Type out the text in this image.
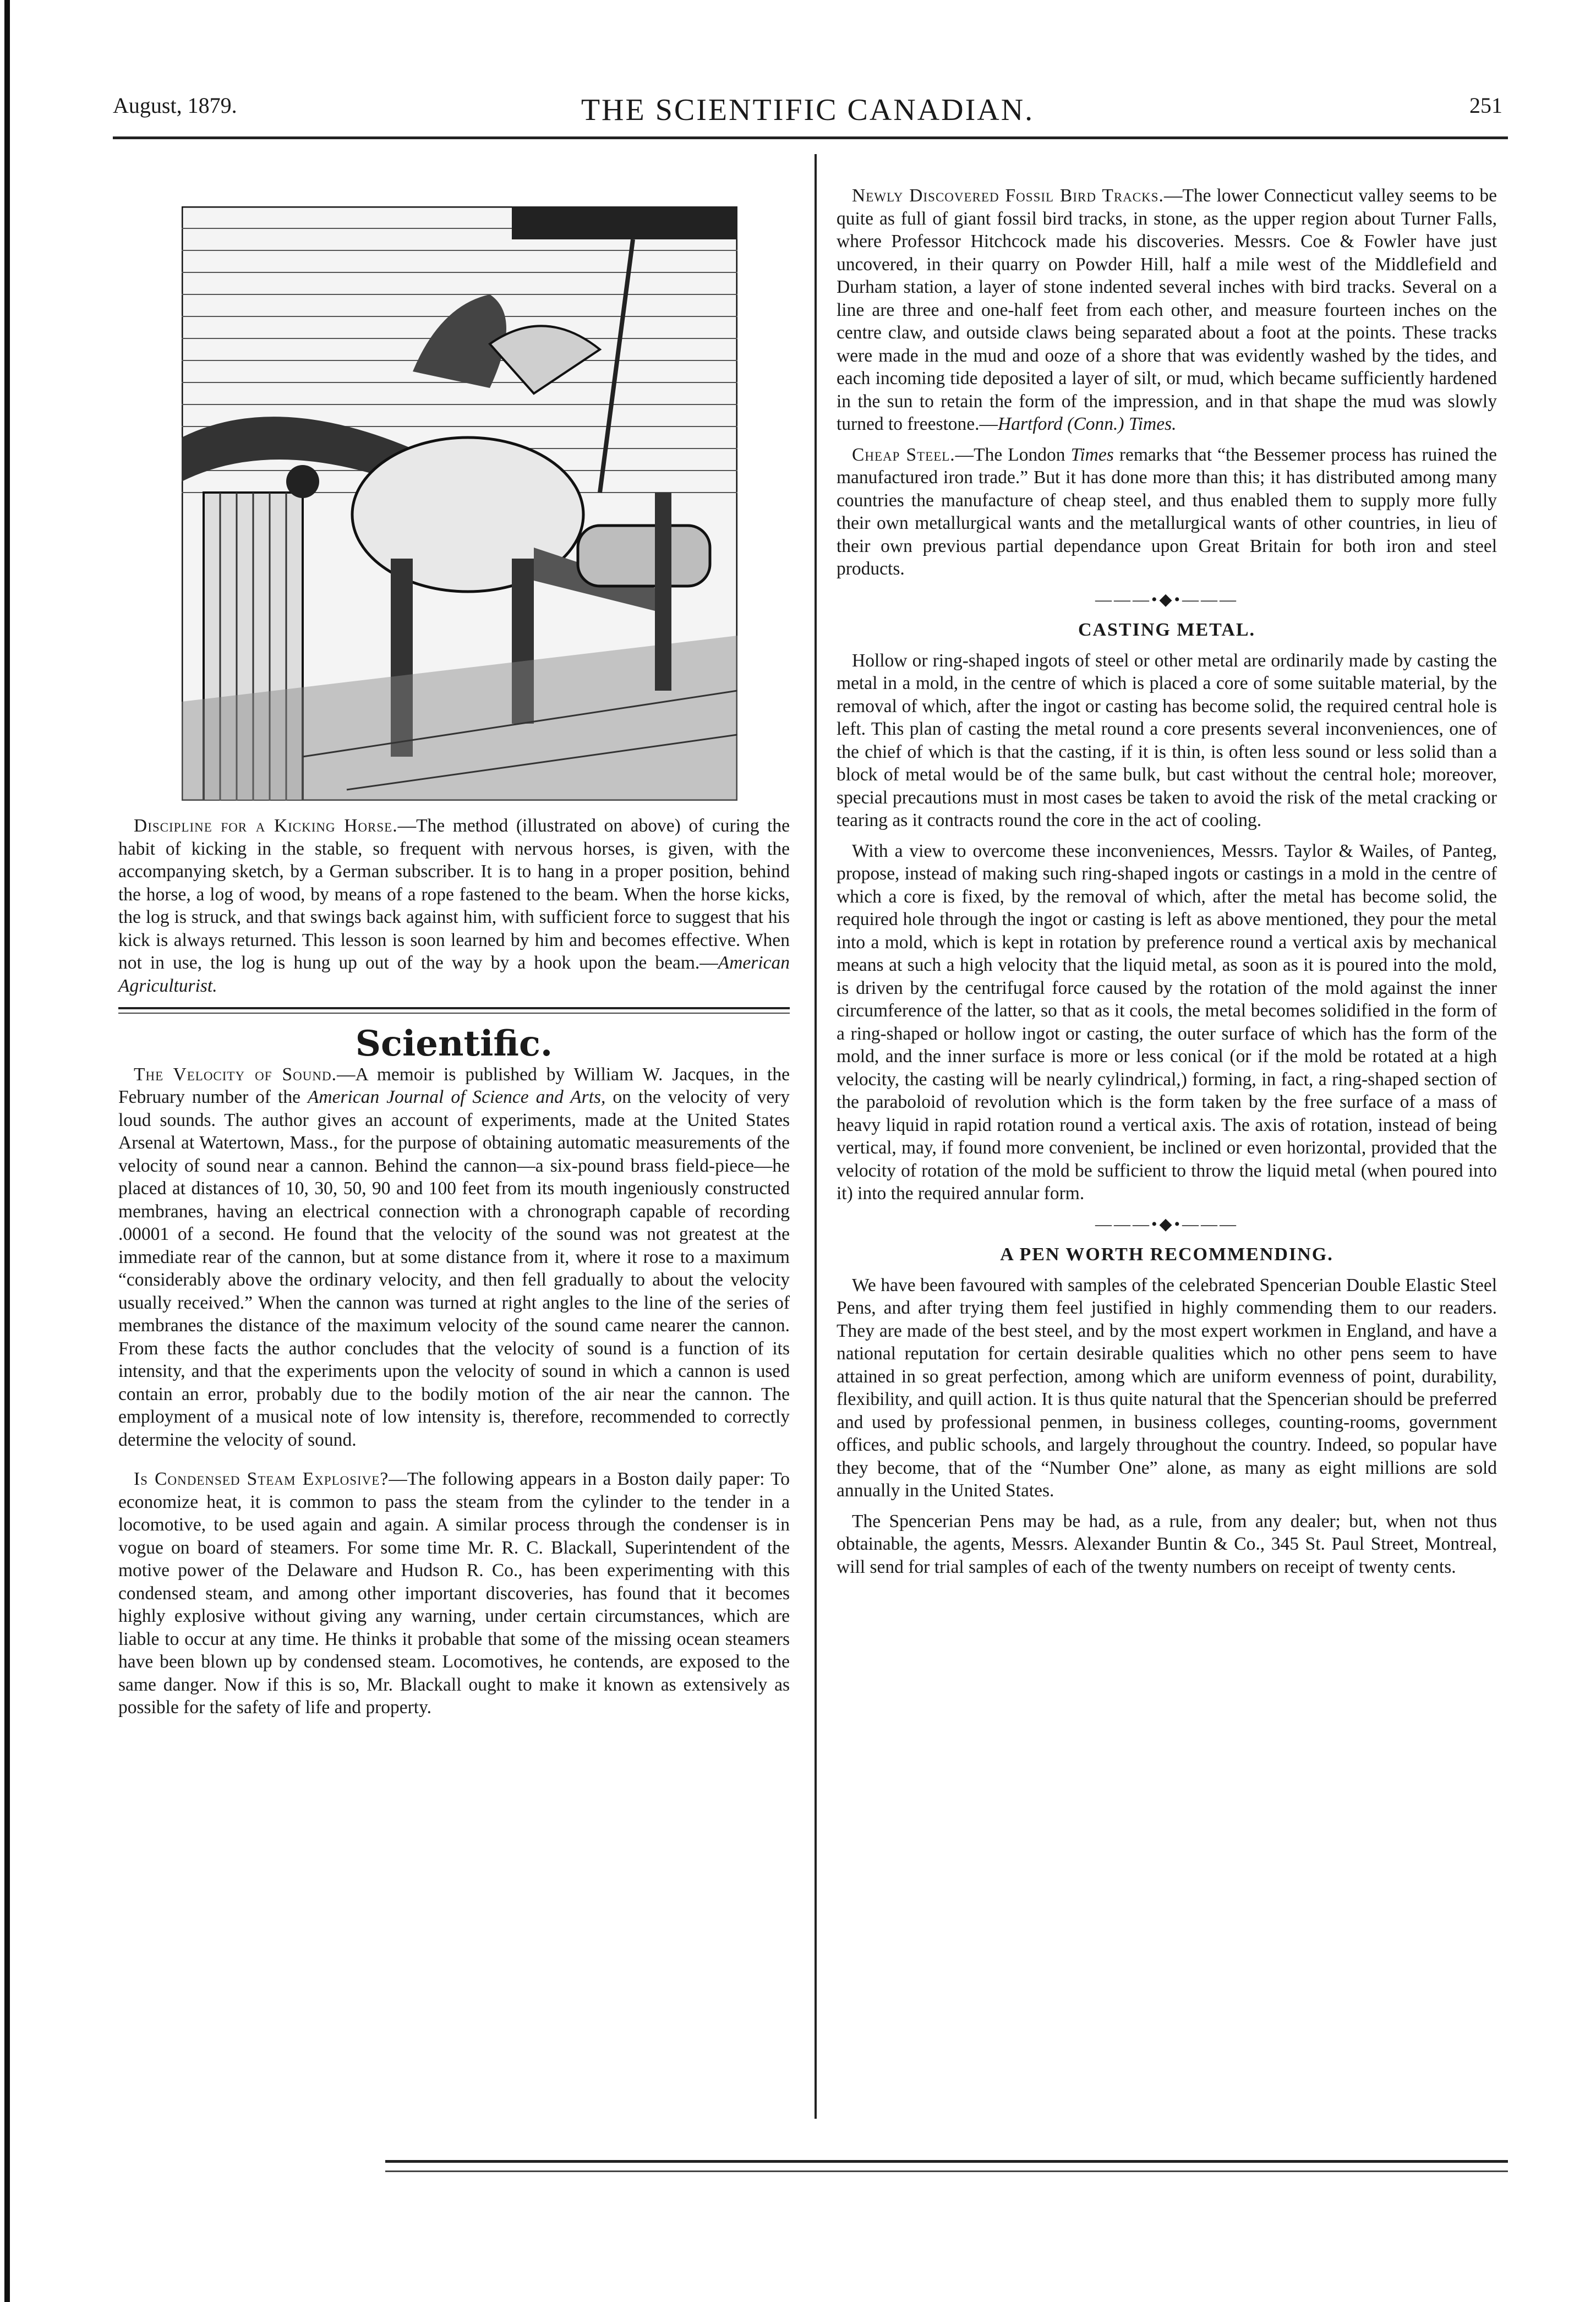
August, 1879.	THE SCIENTIFIC CANADIAN.	251

Discipline for a Kicking Horse.—The method (illustrated on above) of curing the habit of kicking in the stable, so frequent with nervous horses, is given, with the accompanying sketch, by a German subscriber. It is to hang in a proper position, behind the horse, a log of wood, by means of a rope fastened to the beam. When the horse kicks, the log is struck, and that swings back against him, with sufficient force to suggest that his kick is always returned. This lesson is soon learned by him and becomes effective. When not in use, the log is hung up out of the way by a hook upon the beam.—American Agriculturist.

Scientific.

The Velocity of Sound.—A memoir is published by William W. Jacques, in the February number of the American Journal of Science and Arts, on the velocity of very loud sounds. The author gives an account of experiments, made at the United States Arsenal at Watertown, Mass., for the purpose of obtaining automatic measurements of the velocity of sound near a cannon. Behind the cannon—a six-pound brass field-piece—he placed at distances of 10, 30, 50, 90 and 100 feet from its mouth ingeniously constructed membranes, having an electrical connection with a chronograph capable of recording .00001 of a second. He found that the velocity of the sound was not greatest at the immediate rear of the cannon, but at some distance from it, where it rose to a maximum “considerably above the ordinary velocity, and then fell gradually to about the velocity usually received.” When the cannon was turned at right angles to the line of the series of membranes the distance of the maximum velocity of the sound came nearer the cannon. From these facts the author concludes that the velocity of sound is a function of its intensity, and that the experiments upon the velocity of sound in which a cannon is used contain an error, probably due to the bodily motion of the air near the cannon. The employment of a musical note of low intensity is, therefore, recommended to correctly determine the velocity of sound.

Is Condensed Steam Explosive?—The following appears in a Boston daily paper: To economize heat, it is common to pass the steam from the cylinder to the tender in a locomotive, to be used again and again. A similar process through the condenser is in vogue on board of steamers. For some time Mr. R. C. Blackall, Superintendent of the motive power of the Delaware and Hudson R. Co., has been experimenting with this condensed steam, and among other important discoveries, has found that it becomes highly explosive without giving any warning, under certain circumstances, which are liable to occur at any time. He thinks it probable that some of the missing ocean steamers have been blown up by condensed steam. Locomotives, he contends, are exposed to the same danger. Now if this is so, Mr. Blackall ought to make it known as extensively as possible for the safety of life and property.

Newly Discovered Fossil Bird Tracks.—The lower Connecticut valley seems to be quite as full of giant fossil bird tracks, in stone, as the upper region about Turner Falls, where Professor Hitchcock made his discoveries. Messrs. Coe & Fowler have just uncovered, in their quarry on Powder Hill, half a mile west of the Middlefield and Durham station, a layer of stone indented several inches with bird tracks. Several on a line are three and one-half feet from each other, and measure fourteen inches on the centre claw, and outside claws being separated about a foot at the points. These tracks were made in the mud and ooze of a shore that was evidently washed by the tides, and each incoming tide deposited a layer of silt, or mud, which became sufficiently hardened in the sun to retain the form of the impression, and in that shape the mud was slowly turned to freestone.—Hartford (Conn.) Times.

Cheap Steel.—The London Times remarks that “the Bessemer process has ruined the manufactured iron trade.” But it has done more than this; it has distributed among many countries the manufacture of cheap steel, and thus enabled them to supply more fully their own metallurgical wants and the metallurgical wants of other countries, in lieu of their own previous partial dependance upon Great Britain for both iron and steel products.

———•◆•———

CASTING METAL.

Hollow or ring-shaped ingots of steel or other metal are ordinarily made by casting the metal in a mold, in the centre of which is placed a core of some suitable material, by the removal of which, after the ingot or casting has become solid, the required central hole is left. This plan of casting the metal round a core presents several inconveniences, one of the chief of which is that the casting, if it is thin, is often less sound or less solid than a block of metal would be of the same bulk, but cast without the central hole; moreover, special precautions must in most cases be taken to avoid the risk of the metal cracking or tearing as it contracts round the core in the act of cooling.

With a view to overcome these inconveniences, Messrs. Taylor & Wailes, of Panteg, propose, instead of making such ring-shaped ingots or castings in a mold in the centre of which a core is fixed, by the removal of which, after the metal has become solid, the required hole through the ingot or casting is left as above mentioned, they pour the metal into a mold, which is kept in rotation by preference round a vertical axis by mechanical means at such a high velocity that the liquid metal, as soon as it is poured into the mold, is driven by the centrifugal force caused by the rotation of the mold against the inner circumference of the latter, so that as it cools, the metal becomes solidified in the form of a ring-shaped or hollow ingot or casting, the outer surface of which has the form of the mold, and the inner surface is more or less conical (or if the mold be rotated at a high velocity, the casting will be nearly cylindrical,) forming, in fact, a ring-shaped section of the paraboloid of revolution which is the form taken by the free surface of a mass of heavy liquid in rapid rotation round a vertical axis. The axis of rotation, instead of being vertical, may, if found more convenient, be inclined or even horizontal, provided that the velocity of rotation of the mold be sufficient to throw the liquid metal (when poured into it) into the required annular form.

———•◆•———

A PEN WORTH RECOMMENDING.

We have been favoured with samples of the celebrated Spencerian Double Elastic Steel Pens, and after trying them feel justified in highly commending them to our readers. They are made of the best steel, and by the most expert workmen in England, and have a national reputation for certain desirable qualities which no other pens seem to have attained in so great perfection, among which are uniform evenness of point, durability, flexibility, and quill action. It is thus quite natural that the Spencerian should be preferred and used by professional penmen, in business colleges, counting-rooms, government offices, and public schools, and largely throughout the country. Indeed, so popular have they become, that of the “Number One” alone, as many as eight millions are sold annually in the United States.

The Spencerian Pens may be had, as a rule, from any dealer; but, when not thus obtainable, the agents, Messrs. Alexander Buntin & Co., 345 St. Paul Street, Montreal, will send for trial samples of each of the twenty numbers on receipt of twenty cents.
